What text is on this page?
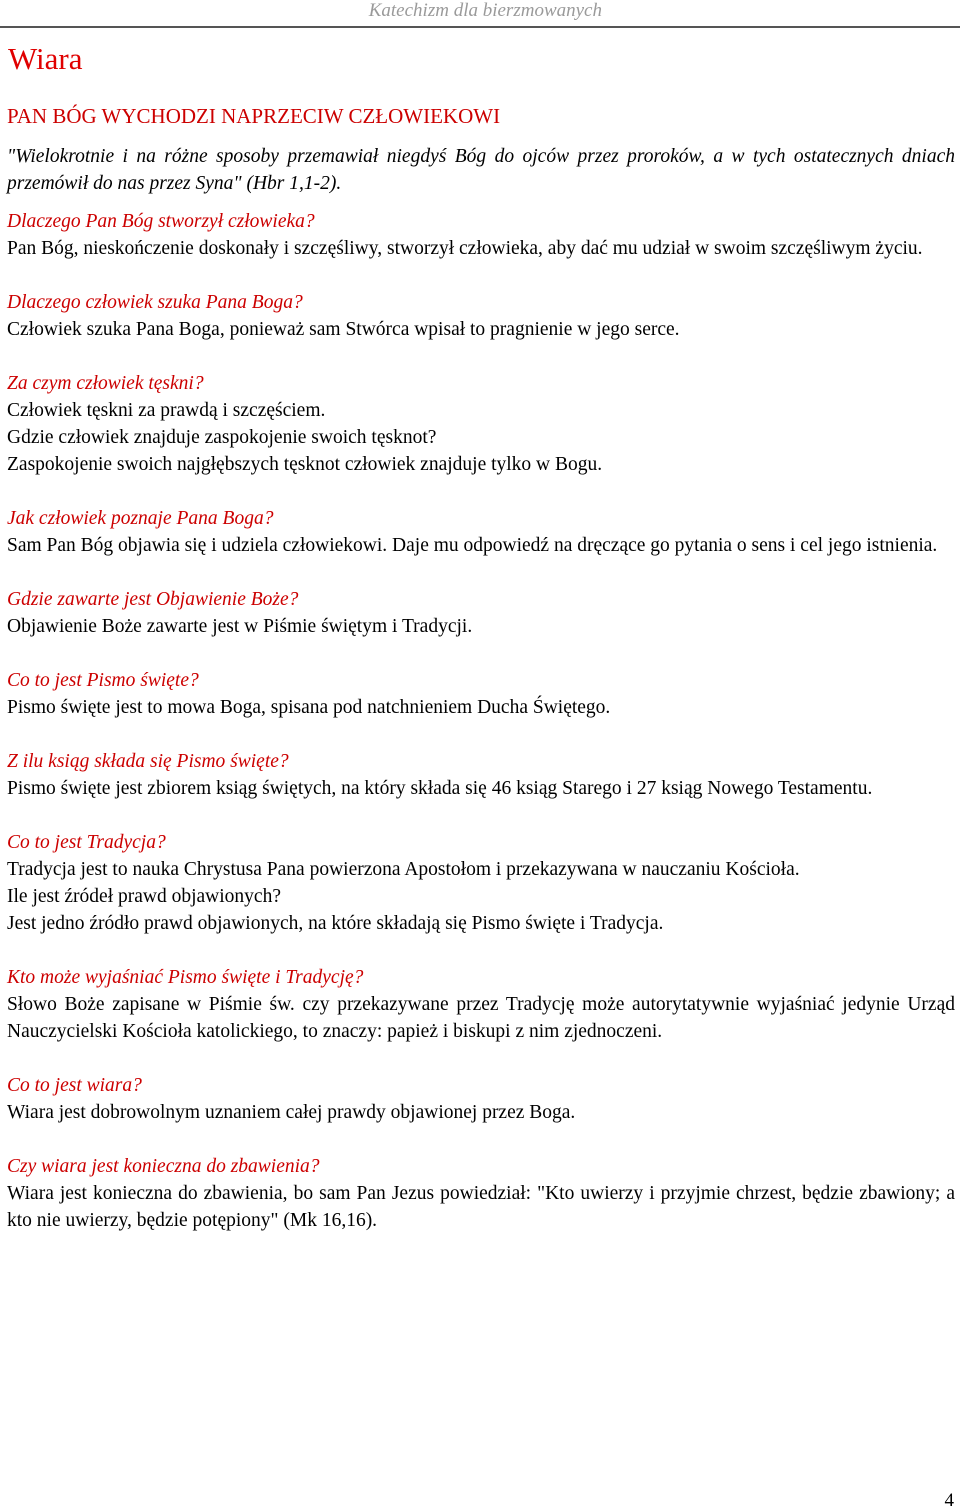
Katechizm dla bierzmowanych
Wiara
PAN BÓG WYCHODZI NAPRZECIW CZŁOWIEKOWI

"Wielokrotnie i na różne sposoby przemawiał niegdyś Bóg do ojców przez proroków, a w tych ostatecznych dniach przemówił do nas przez Syna" (Hbr 1,1-2).

Dlaczego Pan Bóg stworzył człowieka?

Pan Bóg, nieskończenie doskonały i szczęśliwy, stworzył człowieka, aby dać mu udział w swoim szczęśliwym życiu.

Dlaczego człowiek szuka Pana Boga?

Człowiek szuka Pana Boga, ponieważ sam Stwórca wpisał to pragnienie w jego serce.

Za czym człowiek tęskni?

Człowiek tęskni za prawdą i szczęściem.

Gdzie człowiek znajduje zaspokojenie swoich tęsknot?

Zaspokojenie swoich najgłębszych tęsknot człowiek znajduje tylko w Bogu.

Jak człowiek poznaje Pana Boga?

Sam Pan Bóg objawia się i udziela człowiekowi. Daje mu odpowiedź na dręczące go pytania o sens i cel jego istnienia.

Gdzie zawarte jest Objawienie Boże?

Objawienie Boże zawarte jest w Piśmie świętym i Tradycji.

Co to jest Pismo święte?

Pismo święte jest to mowa Boga, spisana pod natchnieniem Ducha Świętego.

Z ilu ksiąg składa się Pismo święte?

Pismo święte jest zbiorem ksiąg świętych, na który składa się 46 ksiąg Starego i 27 ksiąg Nowego Testamentu.

Co to jest Tradycja?

Tradycja jest to nauka Chrystusa Pana powierzona Apostołom i przekazywana w nauczaniu Kościoła.

Ile jest źródeł prawd objawionych?

Jest jedno źródło prawd objawionych, na które składają się Pismo święte i Tradycja.

Kto może wyjaśniać Pismo święte i Tradycję?

Słowo Boże zapisane w Piśmie św. czy przekazywane przez Tradycję może autorytatywnie wyjaśniać jedynie Urząd Nauczycielski Kościoła katolickiego, to znaczy: papież i biskupi z nim zjednoczeni.

Co to jest wiara?

Wiara jest dobrowolnym uznaniem całej prawdy objawionej przez Boga.

Czy wiara jest konieczna do zbawienia?

Wiara jest konieczna do zbawienia, bo sam Pan Jezus powiedział: "Kto uwierzy i przyjmie chrzest, będzie zbawiony; a kto nie uwierzy, będzie potępiony" (Mk 16,16).

4
